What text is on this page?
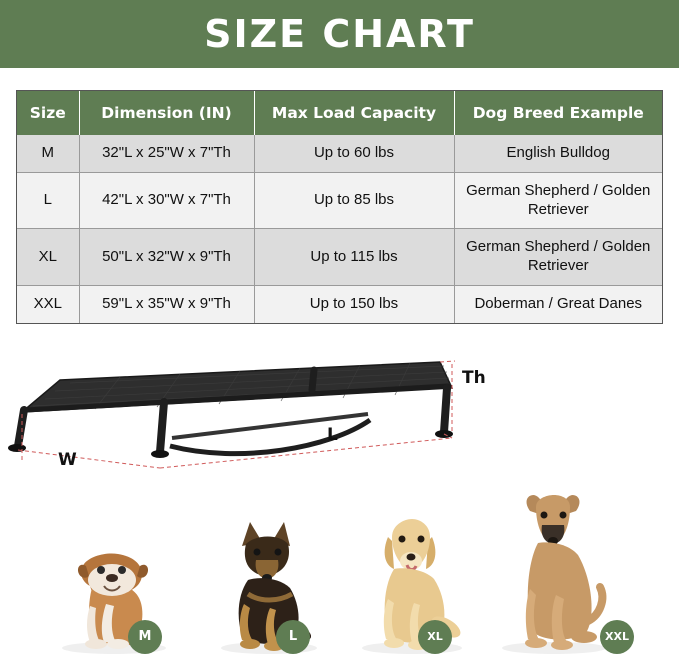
SIZE CHART
Size	Dimension (IN)	Max Load Capacity	Dog Breed Example
M	32"L x 25"W x 7"Th	Up to 60 lbs	English Bulldog
L	42"L x 30"W x 7"Th	Up to 85 lbs	German Shepherd / Golden Retriever
XL	50"L x 32"W x 9"Th	Up to 115 lbs	German Shepherd / Golden Retriever
XXL	59"L x 35"W x 9"Th	Up to 150 lbs	Doberman / Great Danes
Th
L
W
M	L	XL	XXL
